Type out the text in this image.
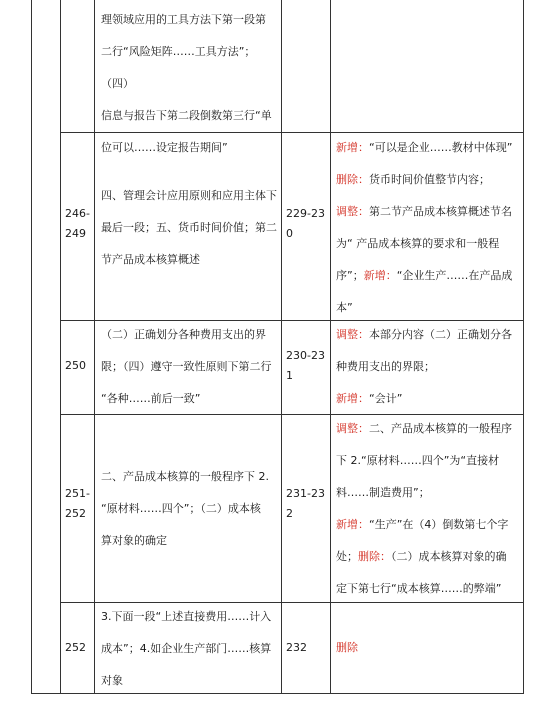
理领域应用的工具方法下第一段第

二行“风险矩阵……工具方法”；（四）

信息与报告下第二段倒数第三行“单

位可以……设定报告期间”

246-

249

四、管理会计应用原则和应用主体下

最后一段；五、货币时间价值；第二

节产品成本核算概述

229-23

0

新增：“可以是企业……教材中体现”

删除：货币时间价值整节内容；

调整：第二节产品成本核算概述节名

为“ 产品成本核算的要求和一般程

序”；新增：“企业生产……在产品成

本”

250

（二）正确划分各种费用支出的界

限；（四）遵守一致性原则下第二行

“各种……前后一致”

230-23

1

调整：本部分内容（二）正确划分各

种费用支出的界限；

新增：“会计”

251-

252

二、产品成本核算的一般程序下 2.

“原材料……四个”；（二）成本核

算对象的确定

231-23

2

调整：二、产品成本核算的一般程序

下 2.“原材料……四个”为“直接材

料……制造费用”；

新增：“生产”在（4）倒数第七个字

处；删除：（二）成本核算对象的确

定下第七行“成本核算……的弊端”

252

3.下面一段“上述直接费用……计入

成本”；4.如企业生产部门……核算

对象

232	删除
